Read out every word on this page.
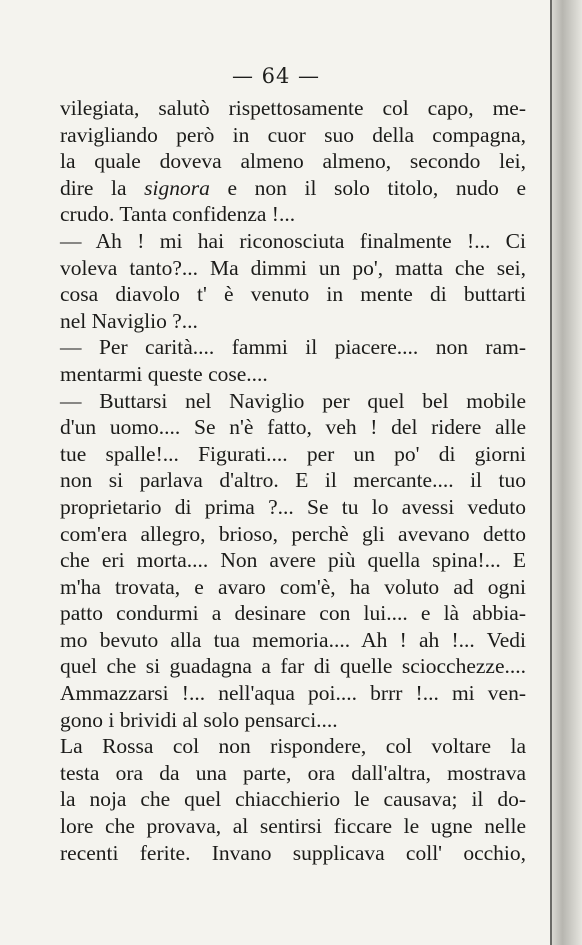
— 64 —
vilegiata, salutò rispettosamente col capo, me-
ravigliando però in cuor suo della compagna,
la quale doveva almeno almeno, secondo lei,
dire la signora e non il solo titolo, nudo e
crudo. Tanta confidenza !...
— Ah ! mi hai riconosciuta finalmente !... Ci
voleva tanto?... Ma dimmi un po', matta che sei,
cosa diavolo t' è venuto in mente di buttarti
nel Naviglio ?...
— Per carità.... fammi il piacere.... non ram-
mentarmi queste cose....
— Buttarsi nel Naviglio per quel bel mobile
d'un uomo.... Se n'è fatto, veh ! del ridere alle
tue spalle!... Figurati.... per un po' di giorni
non si parlava d'altro. E il mercante.... il tuo
proprietario di prima ?... Se tu lo avessi veduto
com'era allegro, brioso, perchè gli avevano detto
che eri morta.... Non avere più quella spina!... E
m'ha trovata, e avaro com'è, ha voluto ad ogni
patto condurmi a desinare con lui.... e là abbia-
mo bevuto alla tua memoria.... Ah ! ah !... Vedi
quel che si guadagna a far di quelle sciocchezze....
Ammazzarsi !... nell'aqua poi.... brrr !... mi ven-
gono i brividi al solo pensarci....
La Rossa col non rispondere, col voltare la
testa ora da una parte, ora dall'altra, mostrava
la noja che quel chiacchierio le causava; il do-
lore che provava, al sentirsi ficcare le ugne nelle
recenti ferite. Invano supplicava coll' occhio,
